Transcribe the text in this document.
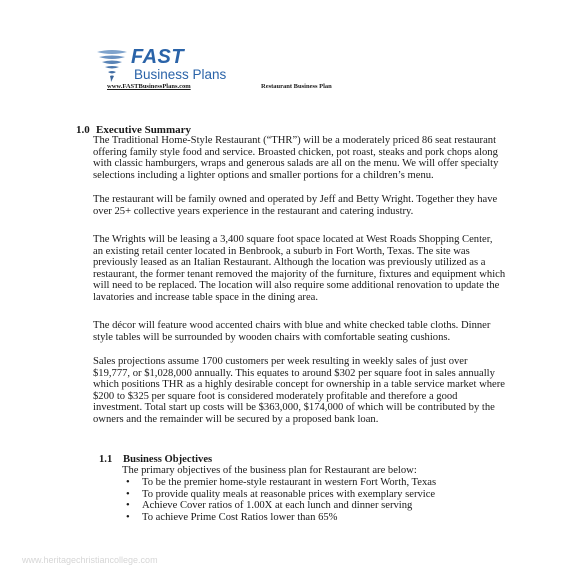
FAST
Business Plans
www.FASTBusinessPlans.com	Restaurant Business Plan
1.0 Executive Summary

The Traditional Home-Style Restaurant (“THR”) will be a moderately priced 86 seat restaurant
offering family style food and service. Broasted chicken, pot roast, steaks and pork chops along
with classic hamburgers, wraps and generous salads are all on the menu. We will offer specialty
selections including a lighter options and smaller portions for a children’s menu.

The restaurant will be family owned and operated by Jeff and Betty Wright. Together they have
over 25+ collective years experience in the restaurant and catering industry.

The Wrights will be leasing a 3,400 square foot space located at West Roads Shopping Center,
an existing retail center located in Benbrook, a suburb in Fort Worth, Texas. The site was
previously leased as an Italian Restaurant. Although the location was previously utilized as a
restaurant, the former tenant removed the majority of the furniture, fixtures and equipment which
will need to be replaced. The location will also require some additional renovation to update the
lavatories and increase table space in the dining area.

The décor will feature wood accented chairs with blue and white checked table cloths. Dinner
style tables will be surrounded by wooden chairs with comfortable seating cushions.

Sales projections assume 1700 customers per week resulting in weekly sales of just over
$19,777, or $1,028,000 annually. This equates to around $302 per square foot in sales annually
which positions THR as a highly desirable concept for ownership in a table service market where
$200 to $325 per square foot is considered moderately profitable and therefore a good
investment. Total start up costs will be $363,000, $174,000 of which will be contributed by the
owners and the remainder will be secured by a proposed bank loan.

1.1 Business Objectives
The primary objectives of the business plan for Restaurant are below:
• To be the premier home-style restaurant in western Fort Worth, Texas
• To provide quality meals at reasonable prices with exemplary service
• Achieve Cover ratios of 1.00X at each lunch and dinner serving
• To achieve Prime Cost Ratios lower than 65%
www.heritagechristiancollege.com
